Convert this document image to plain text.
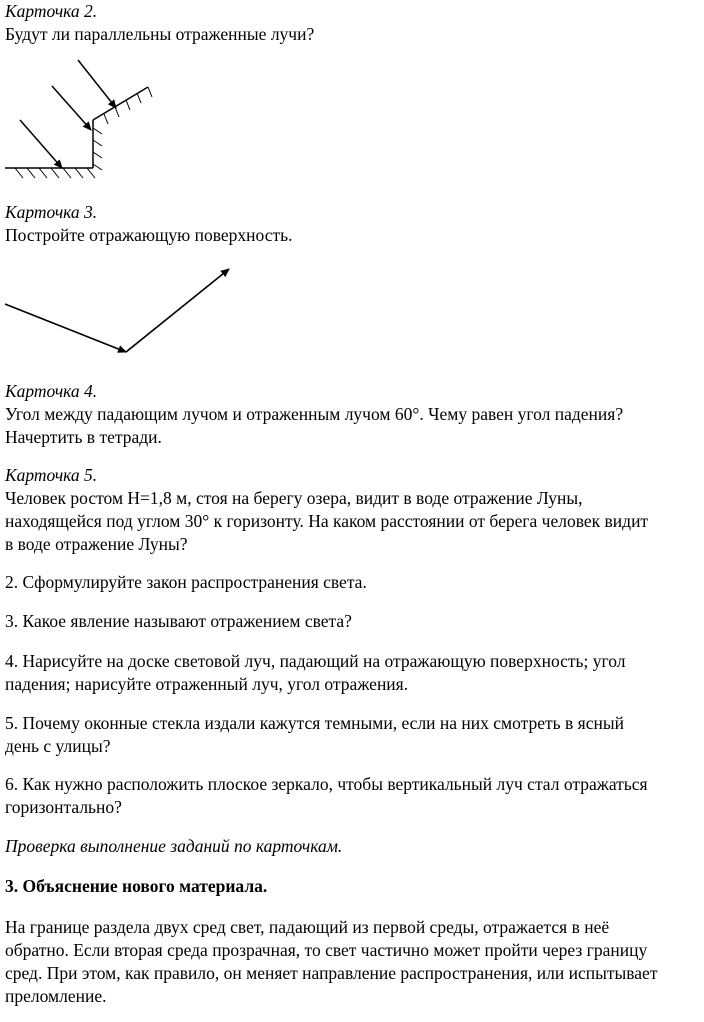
Карточка 2.
Будут ли параллельны отраженные лучи?
Карточка 3.
Постройте отражающую поверхность.
Карточка 4.
Угол между падающим лучом и отраженным лучом 60°. Чему равен угол падения?
Начертить в тетради.
Карточка 5.
Человек ростом H=1,8 м, стоя на берегу озера, видит в воде отражение Луны,
находящейся под углом 30° к горизонту. На каком расстоянии от берега человек видит
в воде отражение Луны?
2. Сформулируйте закон распространения света.
3. Какое явление называют отражением света?
4. Нарисуйте на доске световой луч, падающий на отражающую поверхность; угол
падения; нарисуйте отраженный луч, угол отражения.
5. Почему оконные стекла издали кажутся темными, если на них смотреть в ясный
день с улицы?
6. Как нужно расположить плоское зеркало, чтобы вертикальный луч стал отражаться
горизонтально?
Проверка выполнение заданий по карточкам.
3. Объяснение нового материала.
На границе раздела двух сред свет, падающий из первой среды, отражается в неё
обратно. Если вторая среда прозрачная, то свет частично может пройти через границу
сред. При этом, как правило, он меняет направление распространения, или испытывает
преломление.
